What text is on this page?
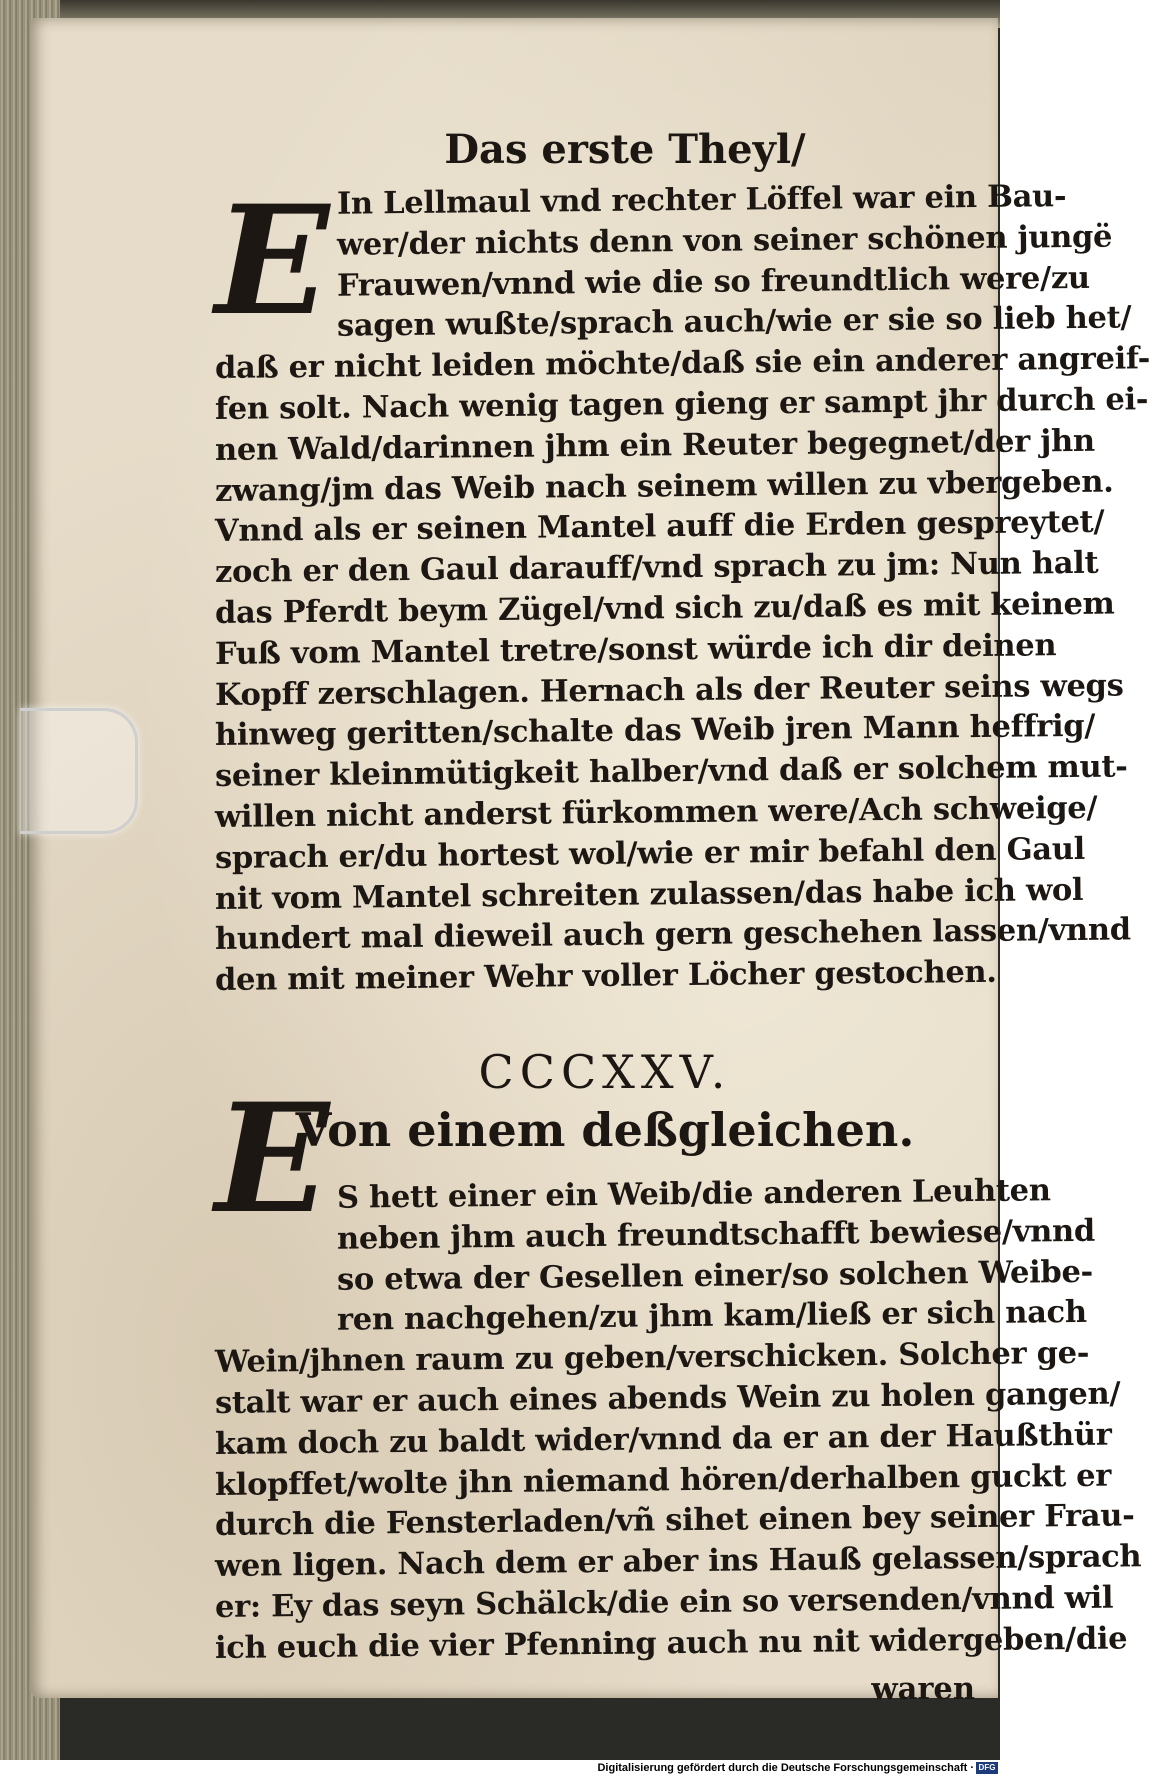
Das erste Theyl/
E In Lellmaul vnd rechter Löffel war ein Bau-
wer/der nichts denn von seiner schönen jungë
Frauwen/vnnd wie die so freundtlich were/zu
sagen wußte/sprach auch/wie er sie so lieb het/
daß er nicht leiden möchte/daß sie ein anderer angreif-
fen solt. Nach wenig tagen gieng er sampt jhr durch ei-
nen Wald/darinnen jhm ein Reuter begegnet/der jhn
zwang/jm das Weib nach seinem willen zu vbergeben.
Vnnd als er seinen Mantel auff die Erden gespreytet/
zoch er den Gaul darauff/vnd sprach zu jm: Nun halt
das Pferdt beym Zügel/vnd sich zu/daß es mit keinem
Fuß vom Mantel tretre/sonst würde ich dir deinen
Kopff zerschlagen. Hernach als der Reuter seins wegs
hinweg geritten/schalte das Weib jren Mann heffrig/
seiner kleinmütigkeit halber/vnd daß er solchem mut-
willen nicht anderst fürkommen were/Ach schweige/
sprach er/du hortest wol/wie er mir befahl den Gaul
nit vom Mantel schreiten zulassen/das habe ich wol
hundert mal dieweil auch gern geschehen lassen/vnnd
den mit meiner Wehr voller Löcher gestochen.
CCCXXV.
Von einem deßgleichen.
E S hett einer ein Weib/die anderen Leuhten
neben jhm auch freundtschafft bewiese/vnnd
so etwa der Gesellen einer/so solchen Weibe-
ren nachgehen/zu jhm kam/ließ er sich nach
Wein/jhnen raum zu geben/verschicken. Solcher ge-
stalt war er auch eines abends Wein zu holen gangen/
kam doch zu baldt wider/vnnd da er an der Haußthür
klopffet/wolte jhn niemand hören/derhalben guckt er
durch die Fensterladen/vñ sihet einen bey seiner Frau-
wen ligen. Nach dem er aber ins Hauß gelassen/sprach
er: Ey das seyn Schälck/die ein so versenden/vnnd wil
ich euch die vier Pfenning auch nu nit widergeben/die
waren
Digitalisierung gefördert durch die Deutsche Forschungsgemeinschaft · DFG
